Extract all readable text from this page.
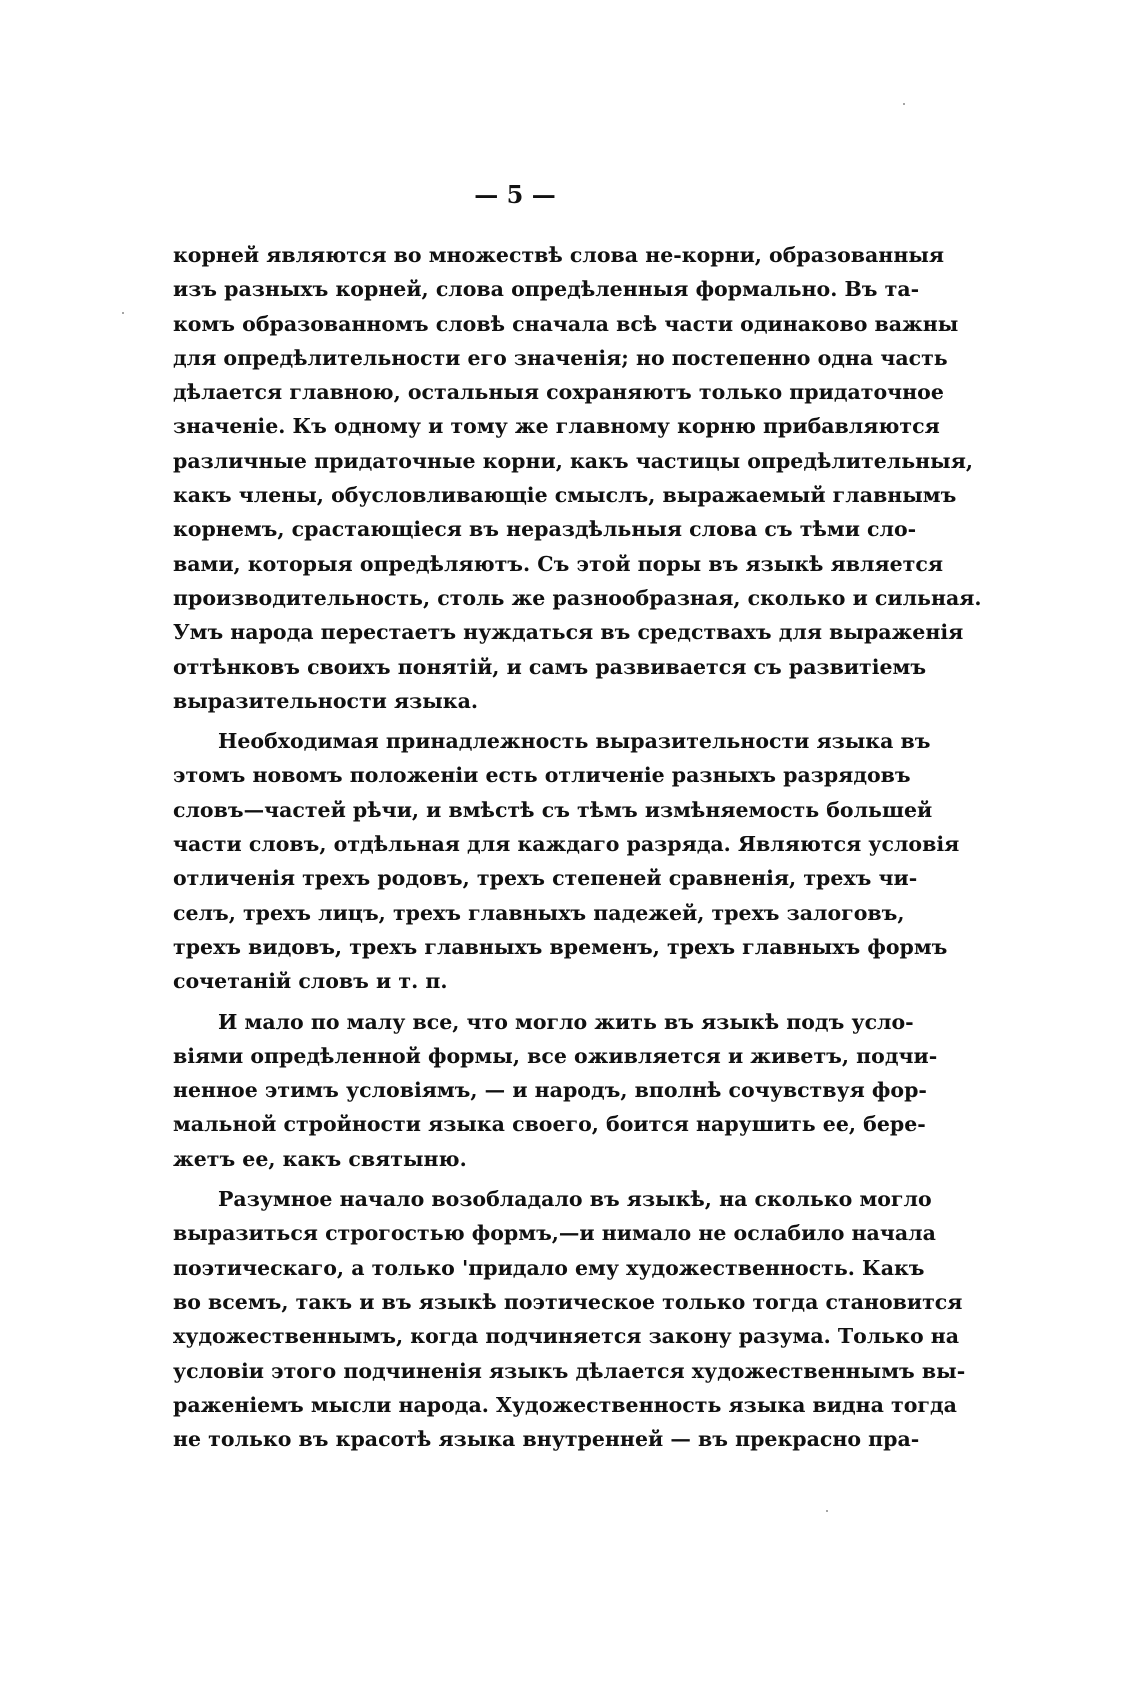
— 5 —
корней являются во множествѣ слова не-корни, образованныя
изъ разныхъ корней, слова опредѣленныя формально. Въ та-
комъ образованномъ словѣ сначала всѣ части одинаково важны
для опредѣлительности его значенія; но постепенно одна часть
дѣлается главною, остальныя сохраняютъ только придаточное
значеніе. Къ одному и тому же главному корню прибавляются
различные придаточные корни, какъ частицы опредѣлительныя,
какъ члены, обусловливающіе смыслъ, выражаемый главнымъ
корнемъ, срастающіеся въ нераздѣльныя слова съ тѣми сло-
вами, которыя опредѣляютъ. Съ этой поры въ языкѣ является
производительность, столь же разнообразная, сколько и сильная.
Умъ народа перестаетъ нуждаться въ средствахъ для выраженія
оттѣнковъ своихъ понятій, и самъ развивается съ развитіемъ
выразительности языка.
Необходимая принадлежность выразительности языка въ
этомъ новомъ положеніи есть отличеніе разныхъ разрядовъ
словъ—частей рѣчи, и вмѣстѣ съ тѣмъ измѣняемость большей
части словъ, отдѣльная для каждаго разряда. Являются условія
отличенія трехъ родовъ, трехъ степеней сравненія, трехъ чи-
селъ, трехъ лицъ, трехъ главныхъ падежей, трехъ залоговъ,
трехъ видовъ, трехъ главныхъ временъ, трехъ главныхъ формъ
сочетаній словъ и т. п.
И мало по малу все, что могло жить въ языкѣ подъ усло-
віями опредѣленной формы, все оживляется и живетъ, подчи-
ненное этимъ условіямъ, — и народъ, вполнѣ сочувствуя фор-
мальной стройности языка своего, боится нарушить ее, бере-
жетъ ее, какъ святыню.
Разумное начало возобладало въ языкѣ, на сколько могло
выразиться строгостью формъ,—и нимало не ослабило начала
поэтическаго, а только 'придало ему художественность. Какъ
во всемъ, такъ и въ языкѣ поэтическое только тогда становится
художественнымъ, когда подчиняется закону разума. Только на
условіи этого подчиненія языкъ дѣлается художественнымъ вы-
раженіемъ мысли народа. Художественность языка видна тогда
не только въ красотѣ языка внутренней — въ прекрасно пра-
